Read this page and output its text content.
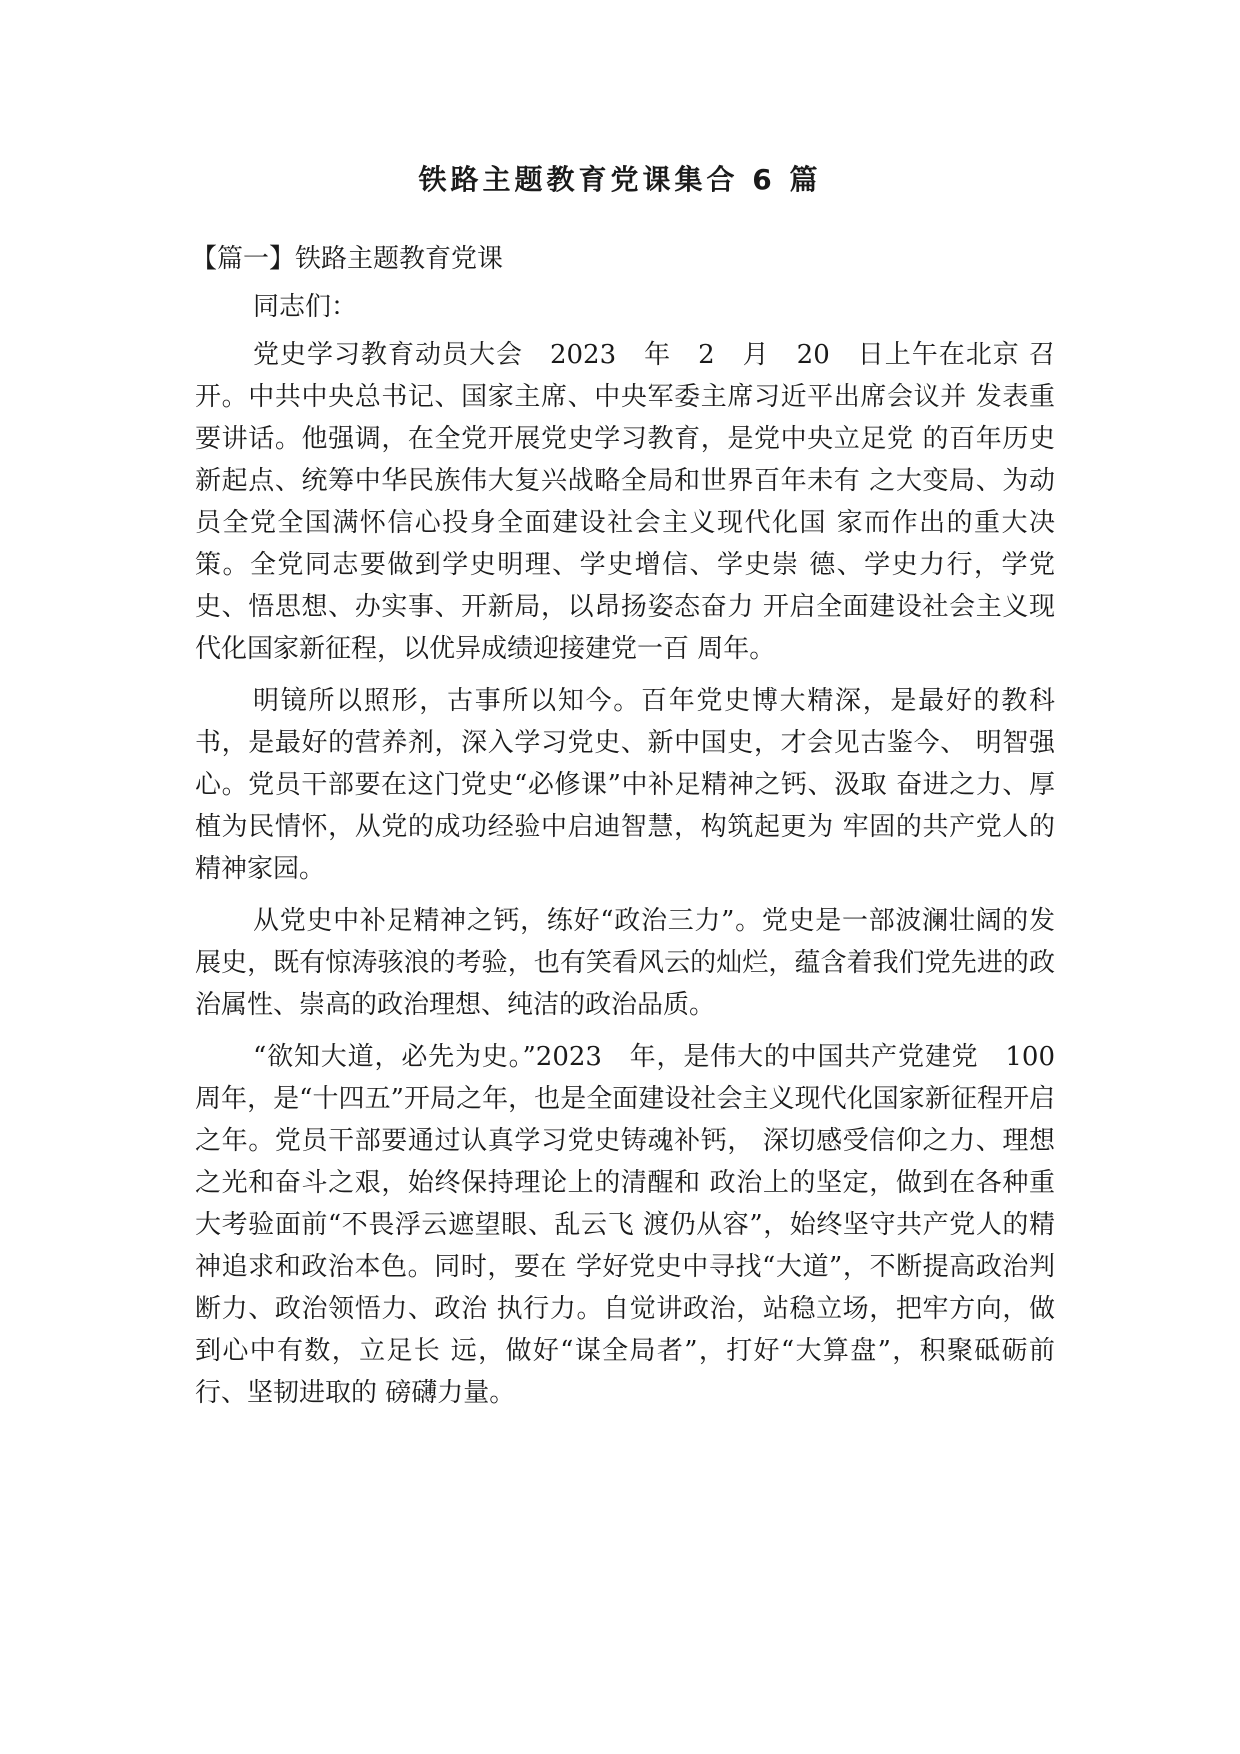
铁路主题教育党课集合 6 篇

【篇一】铁路主题教育党课

同志们：

党史学习教育动员大会　2023　年　2　月　20　日上午在北京 召开。中共中央总书记、国家主席、中央军委主席习近平出席会议并 发表重要讲话。他强调，在全党开展党史学习教育，是党中央立足党 的百年历史新起点、统筹中华民族伟大复兴战略全局和世界百年未有 之大变局、为动员全党全国满怀信心投身全面建设社会主义现代化国 家而作出的重大决策。全党同志要做到学史明理、学史增信、学史崇 德、学史力行，学党史、悟思想、办实事、开新局，以昂扬姿态奋力 开启全面建设社会主义现代化国家新征程，以优异成绩迎接建党一百 周年。

明镜所以照形，古事所以知今。百年党史博大精深，是最好的教科书，是最好的营养剂，深入学习党史、新中国史，才会见古鉴今、 明智强心。党员干部要在这门党史“必修课”中补足精神之钙、汲取 奋进之力、厚植为民情怀，从党的成功经验中启迪智慧，构筑起更为 牢固的共产党人的精神家园。

从党史中补足精神之钙，练好“政治三力”。党史是一部波澜壮阔的发展史，既有惊涛骇浪的考验，也有笑看风云的灿烂，蕴含着我们党先进的政治属性、崇高的政治理想、纯洁的政治品质。

“欲知大道，必先为史。”2023　年，是伟大的中国共产党建党　100　周年，是“十四五”开局之年，也是全面建设社会主义现代化国家新征程开启之年。党员干部要通过认真学习党史铸魂补钙， 深切感受信仰之力、理想之光和奋斗之艰，始终保持理论上的清醒和 政治上的坚定，做到在各种重大考验面前“不畏浮云遮望眼、乱云飞 渡仍从容”，始终坚守共产党人的精神追求和政治本色。同时，要在 学好党史中寻找“大道”，不断提高政治判断力、政治领悟力、政治 执行力。自觉讲政治，站稳立场，把牢方向，做到心中有数，立足长 远，做好“谋全局者”，打好“大算盘”，积聚砥砺前行、坚韧进取的 磅礴力量。
